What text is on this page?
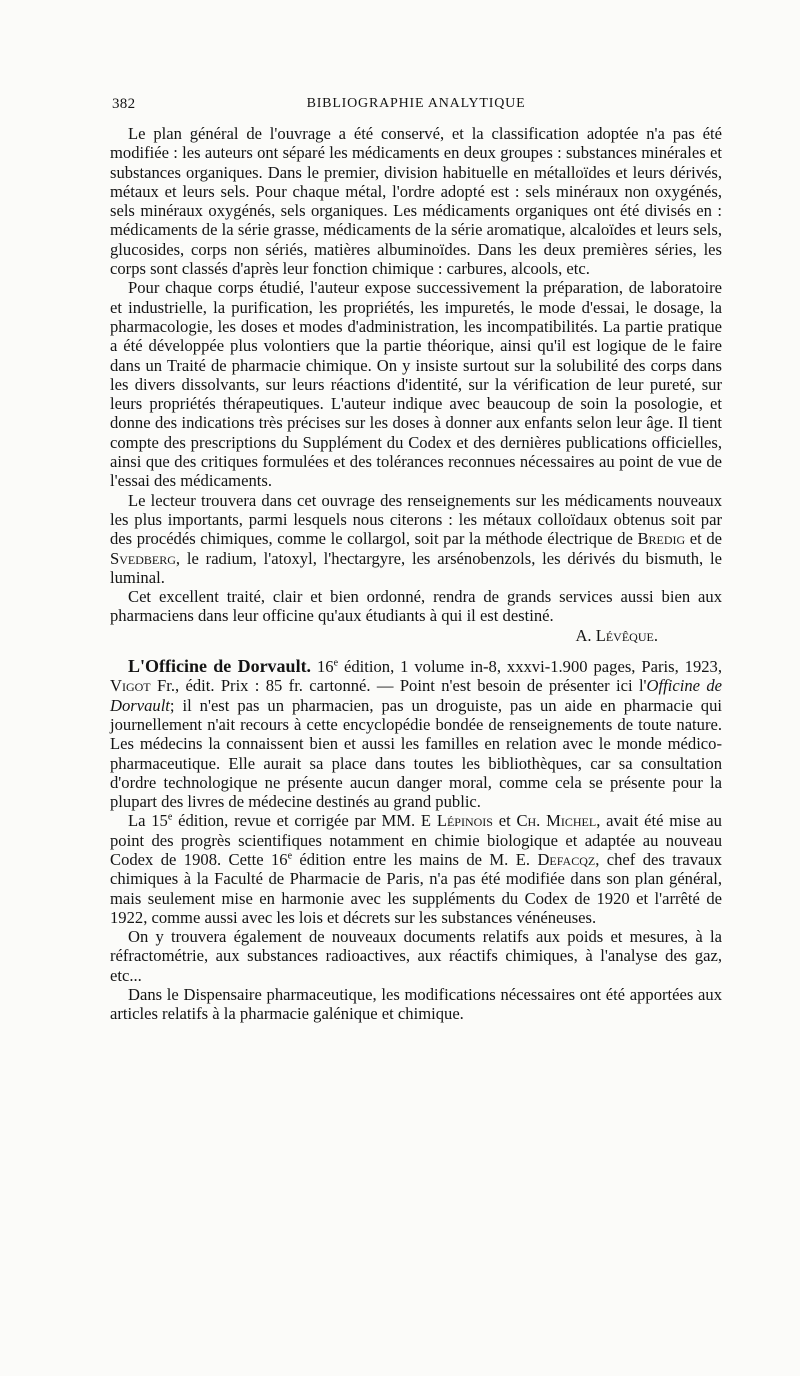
382	BIBLIOGRAPHIE ANALYTIQUE

Le plan général de l'ouvrage a été conservé, et la classification adoptée n'a pas été modifiée : les auteurs ont séparé les médicaments en deux groupes : substances minérales et substances organiques. Dans le premier, division habituelle en métalloïdes et leurs dérivés, métaux et leurs sels. Pour chaque métal, l'ordre adopté est : sels minéraux non oxygénés, sels minéraux oxygénés, sels organiques. Les médicaments organiques ont été divisés en : médicaments de la série grasse, médicaments de la série aromatique, alcaloïdes et leurs sels, glucosides, corps non sériés, matières albuminoïdes. Dans les deux premières séries, les corps sont classés d'après leur fonction chimique : carbures, alcools, etc.

Pour chaque corps étudié, l'auteur expose successivement la préparation, de laboratoire et industrielle, la purification, les propriétés, les impuretés, le mode d'essai, le dosage, la pharmacologie, les doses et modes d'administration, les incompatibilités. La partie pratique a été développée plus volontiers que la partie théorique, ainsi qu'il est logique de le faire dans un Traité de pharmacie chimique. On y insiste surtout sur la solubilité des corps dans les divers dissolvants, sur leurs réactions d'identité, sur la vérification de leur pureté, sur leurs propriétés thérapeutiques. L'auteur indique avec beaucoup de soin la posologie, et donne des indications très précises sur les doses à donner aux enfants selon leur âge. Il tient compte des prescriptions du Supplément du Codex et des dernières publications officielles, ainsi que des critiques formulées et des tolérances reconnues nécessaires au point de vue de l'essai des médicaments.

Le lecteur trouvera dans cet ouvrage des renseignements sur les médicaments nouveaux les plus importants, parmi lesquels nous citerons : les métaux colloïdaux obtenus soit par des procédés chimiques, comme le collargol, soit par la méthode électrique de Bredig et de Svedberg, le radium, l'atoxyl, l'hectargyre, les arsénobenzols, les dérivés du bismuth, le luminal.

Cet excellent traité, clair et bien ordonné, rendra de grands services aussi bien aux pharmaciens dans leur officine qu'aux étudiants à qui il est destiné.

A. Lévêque.

L'Officine de Dorvault. 16e édition, 1 volume in-8, xxxvi-1.900 pages, Paris, 1923, Vigot Fr., édit. Prix : 85 fr. cartonné. — Point n'est besoin de présenter ici l'Officine de Dorvault; il n'est pas un pharmacien, pas un droguiste, pas un aide en pharmacie qui journellement n'ait recours à cette encyclopédie bondée de renseignements de toute nature. Les médecins la connaissent bien et aussi les familles en relation avec le monde médico-pharmaceutique. Elle aurait sa place dans toutes les bibliothèques, car sa consultation d'ordre technologique ne présente aucun danger moral, comme cela se présente pour la plupart des livres de médecine destinés au grand public.

La 15e édition, revue et corrigée par MM. E Lépinois et Ch. Michel, avait été mise au point des progrès scientifiques notamment en chimie biologique et adaptée au nouveau Codex de 1908. Cette 16e édition entre les mains de M. E. Defacqz, chef des travaux chimiques à la Faculté de Pharmacie de Paris, n'a pas été modifiée dans son plan général, mais seulement mise en harmonie avec les suppléments du Codex de 1920 et l'arrêté de 1922, comme aussi avec les lois et décrets sur les substances vénéneuses.

On y trouvera également de nouveaux documents relatifs aux poids et mesures, à la réfractométrie, aux substances radioactives, aux réactifs chimiques, à l'analyse des gaz, etc...

Dans le Dispensaire pharmaceutique, les modifications nécessaires ont été apportées aux articles relatifs à la pharmacie galénique et chimique.
